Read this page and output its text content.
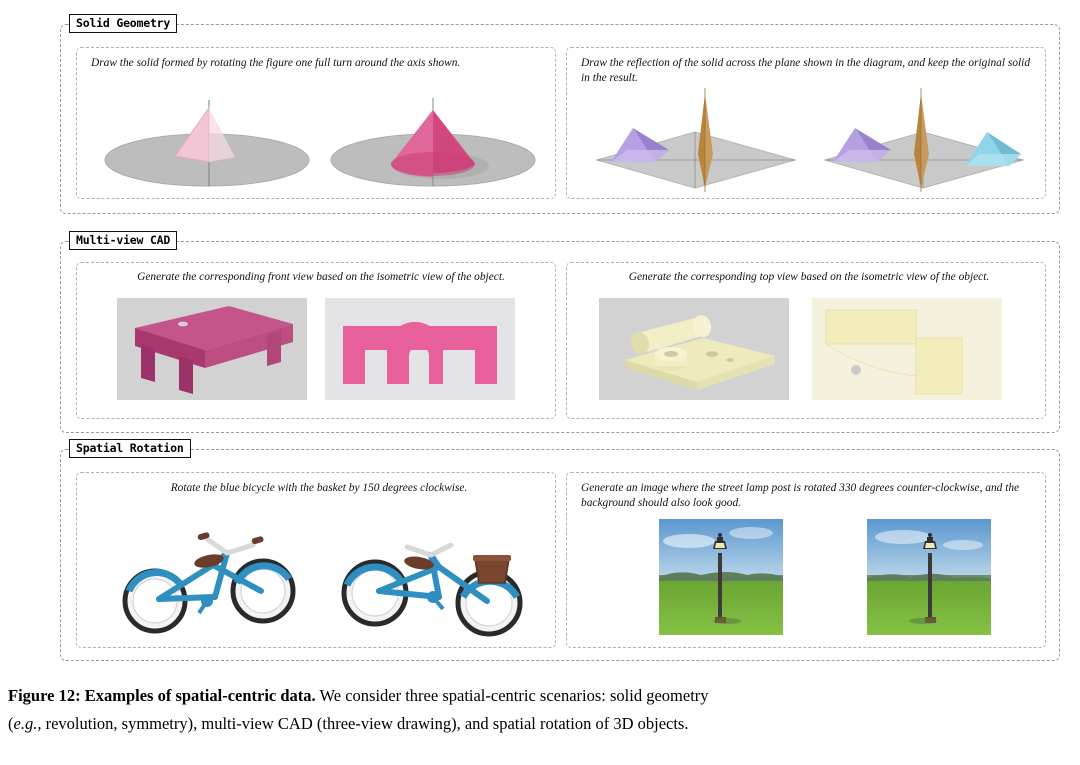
Solid Geometry
Draw the solid formed by rotating the figure one full turn around the axis shown.	Draw the reflection of the solid across the plane shown in the diagram, and keep the original solid in the result.
Multi-view CAD
Generate the corresponding front view based on the isometric view of the object.	Generate the corresponding top view based on the isometric view of the object.
Spatial Rotation
Rotate the blue bicycle with the basket by 150 degrees clockwise.	Generate an image where the street lamp post is rotated 330 degrees counter-clockwise, and the background should also look good.
Figure 12: Examples of spatial-centric data. We consider three spatial-centric scenarios: solid geometry
(e.g., revolution, symmetry), multi-view CAD (three-view drawing), and spatial rotation of 3D objects.
